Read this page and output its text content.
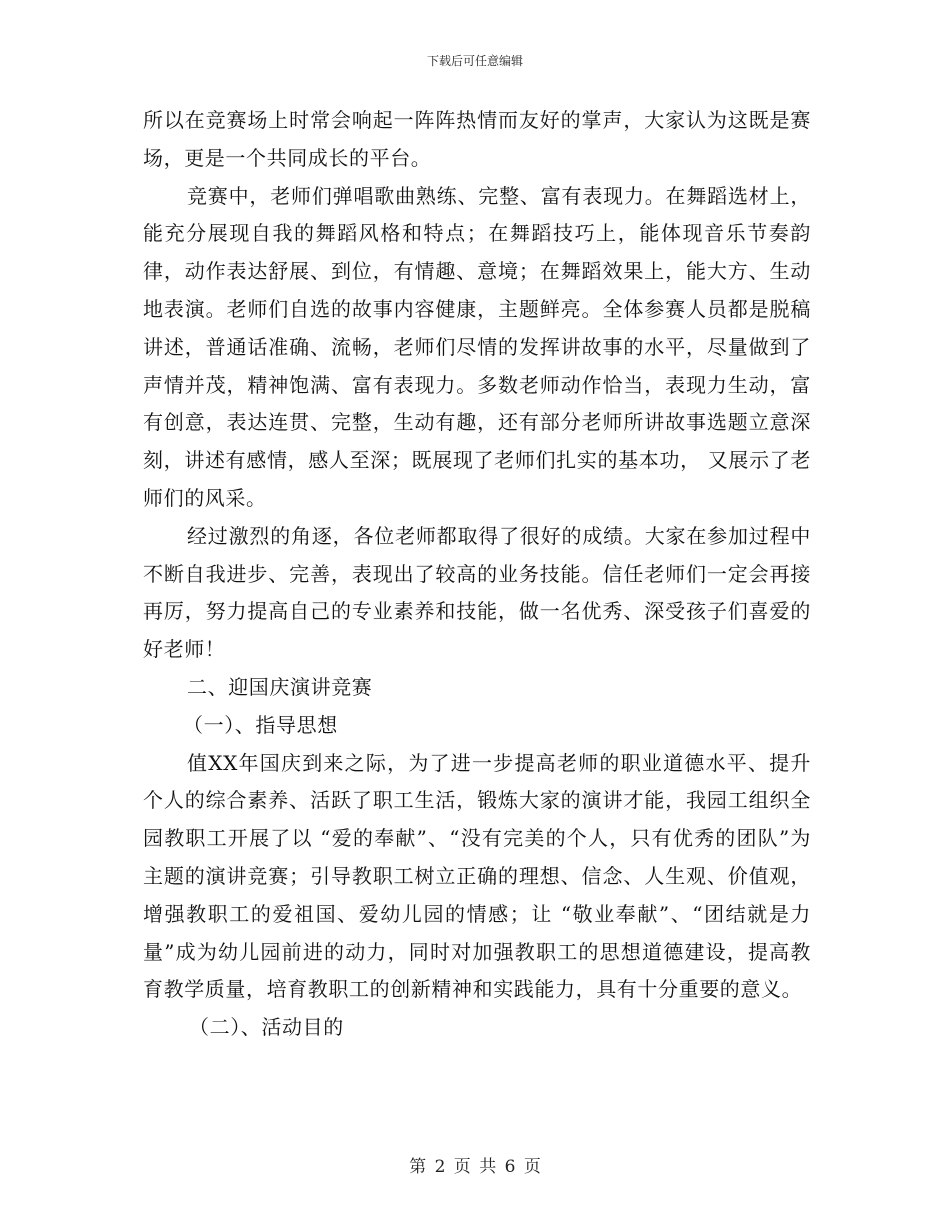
下载后可任意编辑

所以在竞赛场上时常会响起一阵阵热情而友好的掌声，大家认为这既是赛场，更是一个共同成长的平台。

竞赛中，老师们弹唱歌曲熟练、完整、富有表现力。在舞蹈选材上，能充分展现自我的舞蹈风格和特点；在舞蹈技巧上，能体现音乐节奏韵律，动作表达舒展、到位，有情趣、意境；在舞蹈效果上，能大方、生动地表演。老师们自选的故事内容健康，主题鲜亮。全体参赛人员都是脱稿讲述，普通话准确、流畅，老师们尽情的发挥讲故事的水平，尽量做到了声情并茂，精神饱满、富有表现力。多数老师动作恰当，表现力生动，富有创意，表达连贯、完整，生动有趣，还有部分老师所讲故事选题立意深刻，讲述有感情，感人至深；既展现了老师们扎实的基本功， 又展示了老师们的风采。

经过激烈的角逐，各位老师都取得了很好的成绩。大家在参加过程中不断自我进步、完善，表现出了较高的业务技能。信任老师们一定会再接再厉，努力提高自己的专业素养和技能，做一名优秀、深受孩子们喜爱的好老师！

二、迎国庆演讲竞赛

（一）、指导思想

值XX年国庆到来之际，为了进一步提高老师的职业道德水平、提升个人的综合素养、活跃了职工生活，锻炼大家的演讲才能，我园工组织全园教职工开展了以 “爱的奉献”、“没有完美的个人，只有优秀的团队”为主题的演讲竞赛；引导教职工树立正确的理想、信念、人生观、价值观，增强教职工的爱祖国、爱幼儿园的情感；让 “敬业奉献”、“团结就是力量”成为幼儿园前进的动力，同时对加强教职工的思想道德建设，提高教育教学质量，培育教职工的创新精神和实践能力，具有十分重要的意义。

（二）、活动目的

第 2 页 共 6 页
